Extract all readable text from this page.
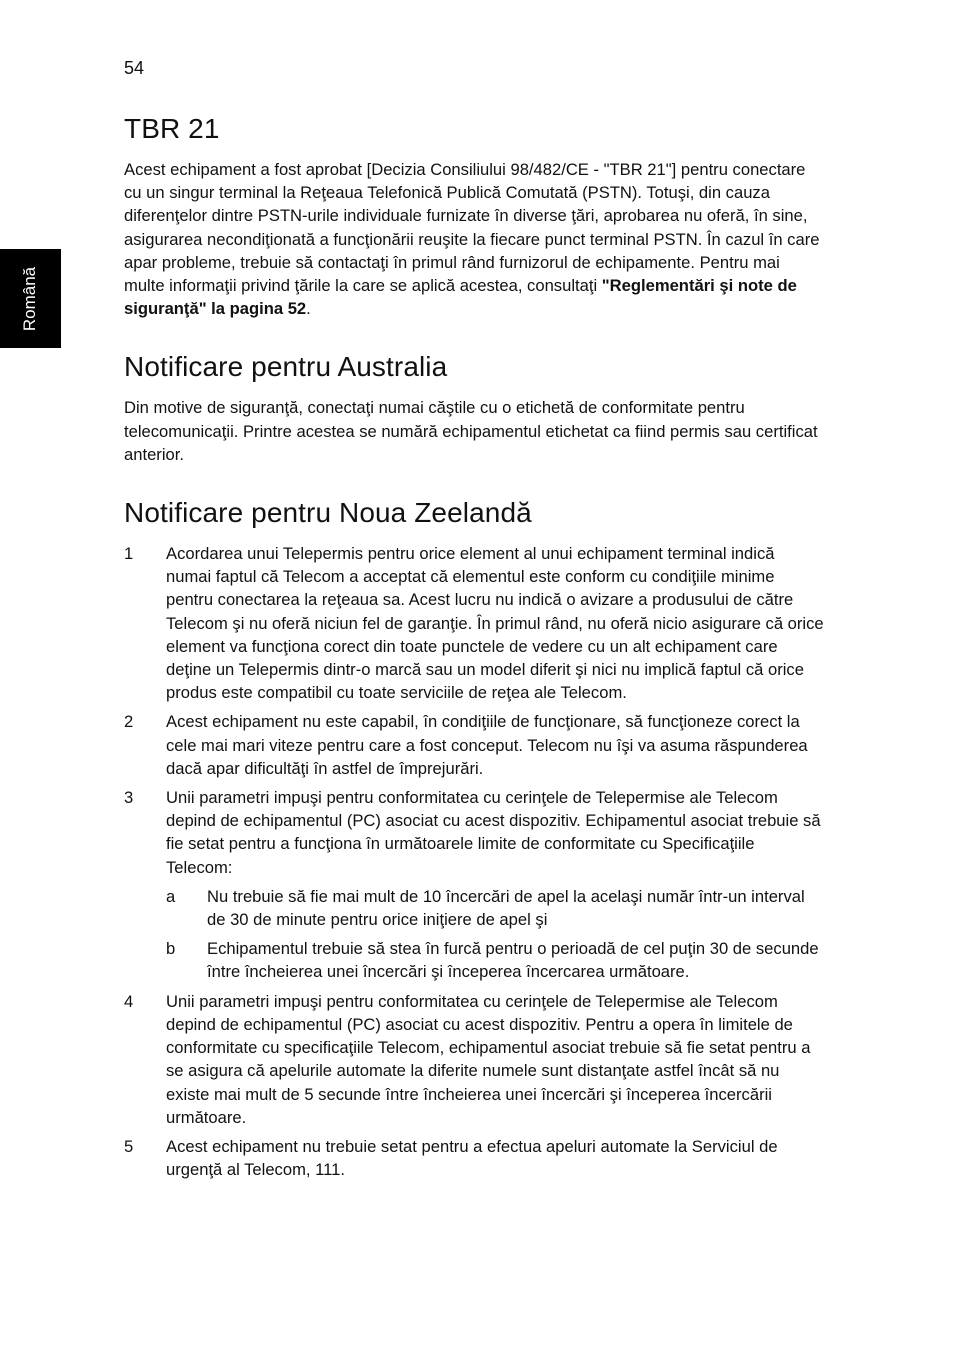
54
Română
TBR 21

Acest echipament a fost aprobat [Decizia Consiliului 98/482/CE - "TBR 21"] pentru conectare cu un singur terminal la Reţeaua Telefonică Publică Comutată (PSTN). Totuşi, din cauza diferenţelor dintre PSTN-urile individuale furnizate în diverse ţări, aprobarea nu oferă, în sine, asigurarea necondiţionată a funcţionării reuşite la fiecare punct terminal PSTN. În cazul în care apar probleme, trebuie să contactaţi în primul rând furnizorul de echipamente. Pentru mai multe informaţii privind ţările la care se aplică acestea, consultaţi "Reglementări şi note de siguranţă" la pagina 52.

Notificare pentru Australia

Din motive de siguranţă, conectaţi numai căştile cu o etichetă de conformitate pentru telecomunicaţii. Printre acestea se numără echipamentul etichetat ca fiind permis sau certificat anterior.

Notificare pentru Noua Zeelandă
1 Acordarea unui Telepermis pentru orice element al unui echipament terminal indică numai faptul că Telecom a acceptat că elementul este conform cu condiţiile minime pentru conectarea la reţeaua sa. Acest lucru nu indică o avizare a produsului de către Telecom şi nu oferă niciun fel de garanţie. În primul rând, nu oferă nicio asigurare că orice element va funcţiona corect din toate punctele de vedere cu un alt echipament care deţine un Telepermis dintr-o marcă sau un model diferit şi nici nu implică faptul că orice produs este compatibil cu toate serviciile de reţea ale Telecom.
2 Acest echipament nu este capabil, în condiţiile de funcţionare, să funcţioneze corect la cele mai mari viteze pentru care a fost conceput. Telecom nu îşi va asuma răspunderea dacă apar dificultăţi în astfel de împrejurări.
3 Unii parametri impuşi pentru conformitatea cu cerinţele de Telepermise ale Telecom depind de echipamentul (PC) asociat cu acest dispozitiv. Echipamentul asociat trebuie să fie setat pentru a funcţiona în următoarele limite de conformitate cu Specificaţiile Telecom:
a Nu trebuie să fie mai mult de 10 încercări de apel la acelaşi număr într-un interval de 30 de minute pentru orice iniţiere de apel şi
b Echipamentul trebuie să stea în furcă pentru o perioadă de cel puţin 30 de secunde între încheierea unei încercări şi începerea încercarea următoare.
4 Unii parametri impuşi pentru conformitatea cu cerinţele de Telepermise ale Telecom depind de echipamentul (PC) asociat cu acest dispozitiv. Pentru a opera în limitele de conformitate cu specificaţiile Telecom, echipamentul asociat trebuie să fie setat pentru a se asigura că apelurile automate la diferite numele sunt distanţate astfel încât să nu existe mai mult de 5 secunde între încheierea unei încercări şi începerea încercării următoare.
5 Acest echipament nu trebuie setat pentru a efectua apeluri automate la Serviciul de urgenţă al Telecom, 111.
